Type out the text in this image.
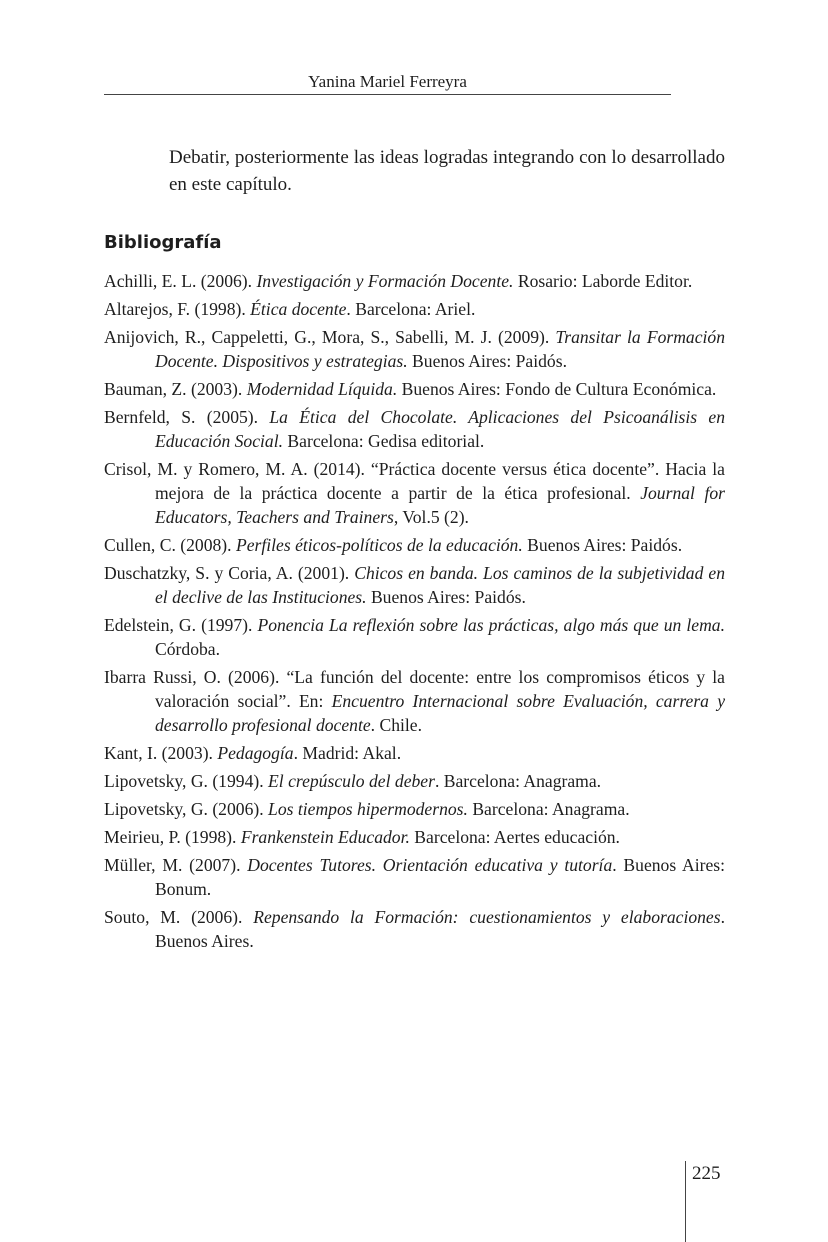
Yanina Mariel Ferreyra

Debatir, posteriormente las ideas logradas integrando con lo desarrollado en este capítulo.

Bibliografía
Achilli, E. L. (2006). Investigación y Formación Docente. Rosario: Laborde Editor.
Altarejos, F. (1998). Ética docente. Barcelona: Ariel.
Anijovich, R., Cappeletti, G., Mora, S., Sabelli, M. J. (2009). Transitar la Formación Docente. Dispositivos y estrategias. Buenos Aires: Paidós.
Bauman, Z. (2003). Modernidad Líquida. Buenos Aires: Fondo de Cultura Económica.
Bernfeld, S. (2005). La Ética del Chocolate. Aplicaciones del Psicoanálisis en Educación Social. Barcelona: Gedisa editorial.
Crisol, M. y Romero, M. A. (2014). “Práctica docente versus ética docente”. Hacia la mejora de la práctica docente a partir de la ética profesional. Journal for Educators, Teachers and Trainers, Vol.5 (2).
Cullen, C. (2008). Perfiles éticos-políticos de la educación. Buenos Aires: Paidós.
Duschatzky, S. y Coria, A. (2001). Chicos en banda. Los caminos de la subjetividad en el declive de las Instituciones. Buenos Aires: Paidós.
Edelstein, G. (1997). Ponencia La reflexión sobre las prácticas, algo más que un lema. Córdoba.
Ibarra Russi, O. (2006). “La función del docente: entre los compromisos éticos y la valoración social”. En: Encuentro Internacional sobre Evaluación, carrera y desarrollo profesional docente. Chile.
Kant, I. (2003). Pedagogía. Madrid: Akal.
Lipovetsky, G. (1994). El crepúsculo del deber. Barcelona: Anagrama.
Lipovetsky, G. (2006). Los tiempos hipermodernos. Barcelona: Anagrama.
Meirieu, P. (1998). Frankenstein Educador. Barcelona: Aertes educación.
Müller, M. (2007). Docentes Tutores. Orientación educativa y tutoría. Buenos Aires: Bonum.
Souto, M. (2006). Repensando la Formación: cuestionamientos y elaboraciones. Buenos Aires.
225
